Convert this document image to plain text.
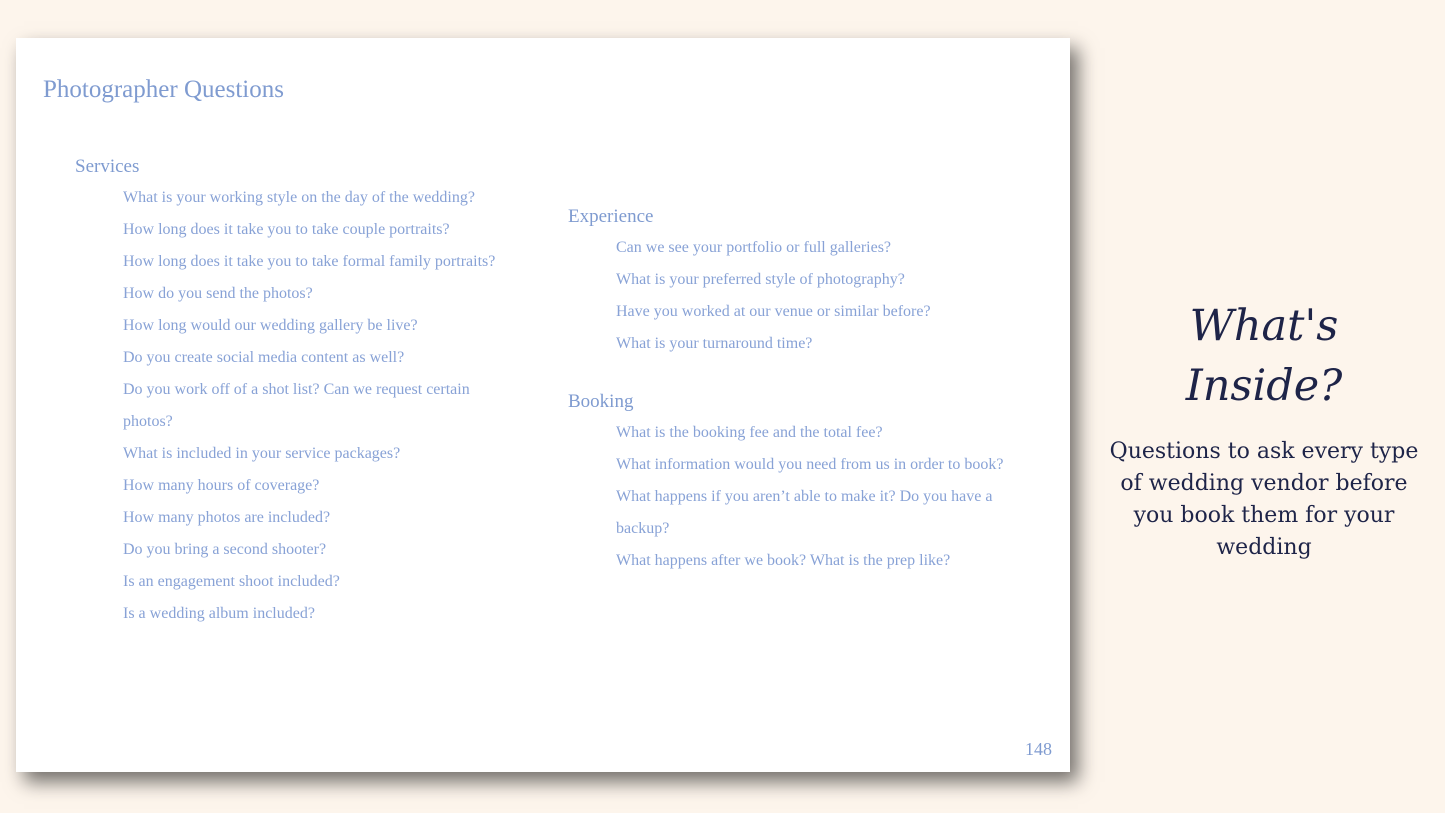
Photographer Questions
Services
What is your working style on the day of the wedding?
How long does it take you to take couple portraits?
How long does it take you to take formal family portraits?
How do you send the photos?
How long would our wedding gallery be live?
Do you create social media content as well?
Do you work off of a shot list? Can we request certain photos?
What is included in your service packages?
How many hours of coverage?
How many photos are included?
Do you bring a second shooter?
Is an engagement shoot included?
Is a wedding album included?
Experience
Can we see your portfolio or full galleries?
What is your preferred style of photography?
Have you worked at our venue or similar before?
What is your turnaround time?
Booking
What is the booking fee and the total fee?
What information would you need from us in order to book?
What happens if you aren’t able to make it? Do you have a backup?
What happens after we book? What is the prep like?
148
What's Inside?
Questions to ask every type of wedding vendor before you book them for your wedding
